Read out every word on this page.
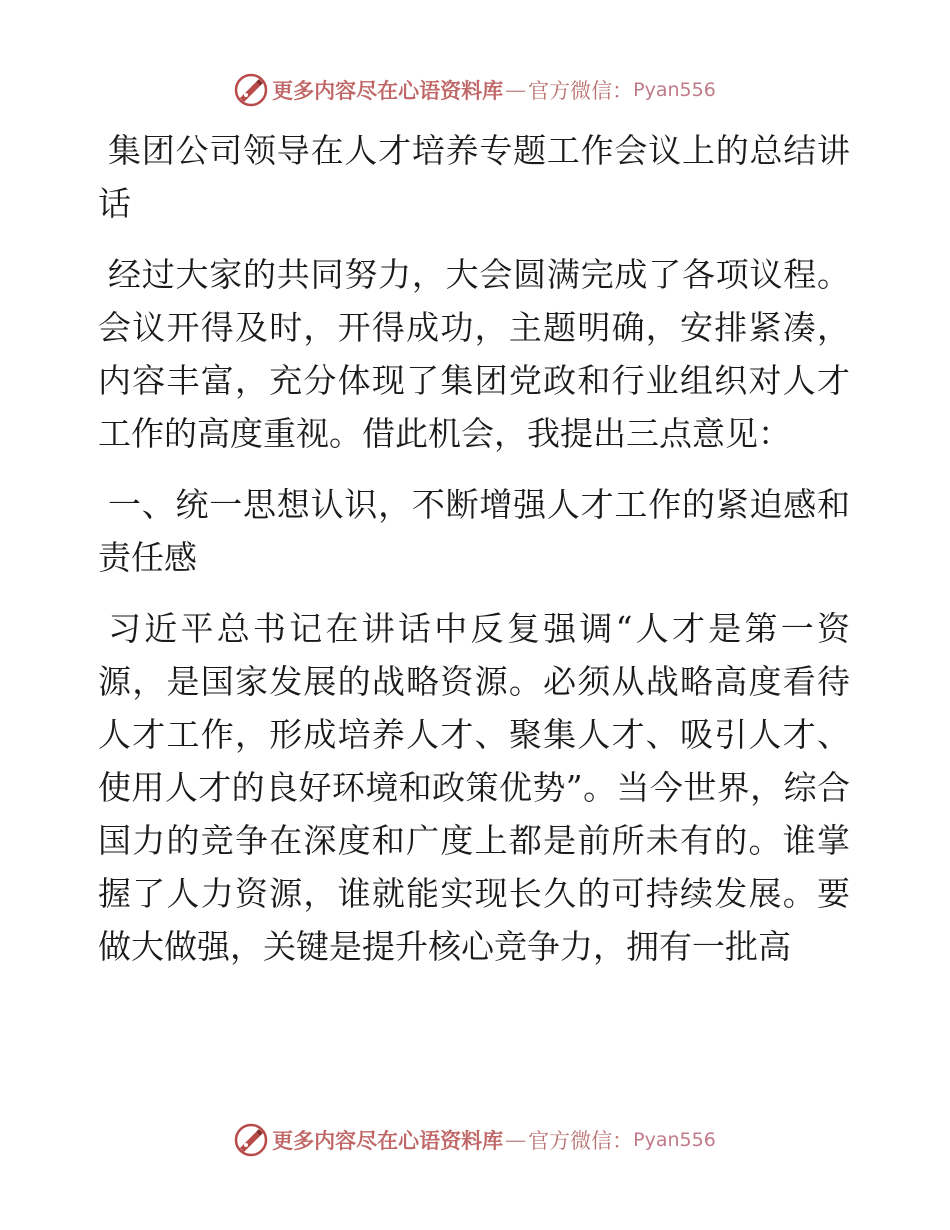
更多内容尽在心语资料库 — 官方微信： Pyan556

集团公司领导在人才培养专题工作会议上的总结讲话

经过大家的共同努力，大会圆满完成了各项议程。会议开得及时，开得成功，主题明确，安排紧凑，内容丰富，充分体现了集团党政和行业组织对人才工作的高度重视。借此机会，我提出三点意见：

一、统一思想认识，不断增强人才工作的紧迫感和责任感

习近平总书记在讲话中反复强调“人才是第一资源，是国家发展的战略资源。必须从战略高度看待人才工作，形成培养人才、聚集人才、吸引人才、使用人才的良好环境和政策优势”。当今世界，综合国力的竞争在深度和广度上都是前所未有的。谁掌握了人力资源，谁就能实现长久的可持续发展。要做大做强，关键是提升核心竞争力，拥有一批高

更多内容尽在心语资料库 — 官方微信： Pyan556
